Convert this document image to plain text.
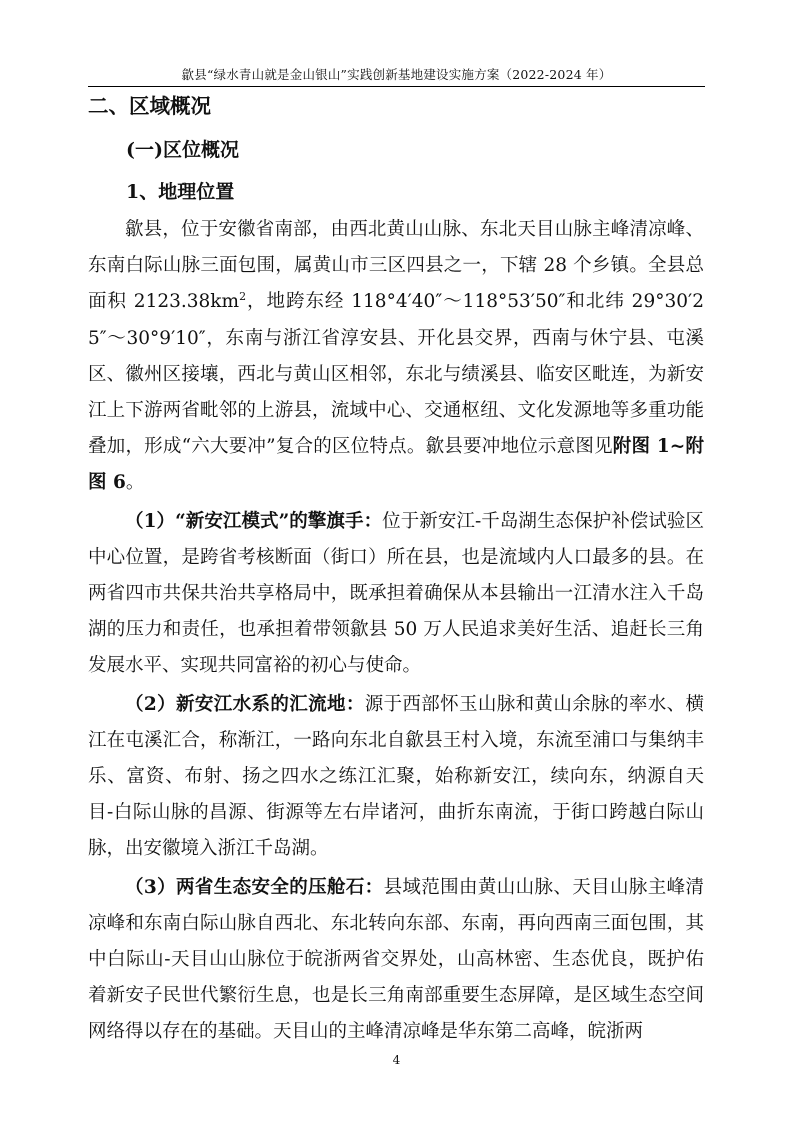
歙县“绿水青山就是金山银山”实践创新基地建设实施方案（2022-2024 年）
二、区域概况
(一)区位概况
1、地理位置

歙县，位于安徽省南部，由西北黄山山脉、东北天目山脉主峰清凉峰、东南白际山脉三面包围，属黄山市三区四县之一，下辖 28 个乡镇。全县总面积 $2123.38km^2$，地跨东经 118°4′40″～118°53′50″和北纬 29°30′25″～30°9′10″，东南与浙江省淳安县、开化县交界，西南与休宁县、屯溪区、徽州区接壤，西北与黄山区相邻，东北与绩溪县、临安区毗连，为新安江上下游两省毗邻的上游县，流域中心、交通枢纽、文化发源地等多重功能叠加，形成“六大要冲”复合的区位特点。歙县要冲地位示意图见附图 1~附图 6。

（1）“新安江模式”的擎旗手：位于新安江-千岛湖生态保护补偿试验区中心位置，是跨省考核断面（街口）所在县，也是流域内人口最多的县。在两省四市共保共治共享格局中，既承担着确保从本县输出一江清水注入千岛湖的压力和责任，也承担着带领歙县 50 万人民追求美好生活、追赶长三角发展水平、实现共同富裕的初心与使命。

（2）新安江水系的汇流地：源于西部怀玉山脉和黄山余脉的率水、横江在屯溪汇合，称渐江，一路向东北自歙县王村入境，东流至浦口与集纳丰乐、富资、布射、扬之四水之练江汇聚，始称新安江，续向东，纳源自天目-白际山脉的昌源、街源等左右岸诸河，曲折东南流，于街口跨越白际山脉，出安徽境入浙江千岛湖。

（3）两省生态安全的压舱石：县域范围由黄山山脉、天目山脉主峰清凉峰和东南白际山脉自西北、东北转向东部、东南，再向西南三面包围，其中白际山-天目山山脉位于皖浙两省交界处，山高林密、生态优良，既护佑着新安子民世代繁衍生息，也是长三角南部重要生态屏障，是区域生态空间网络得以存在的基础。天目山的主峰清凉峰是华东第二高峰，皖浙两

4
